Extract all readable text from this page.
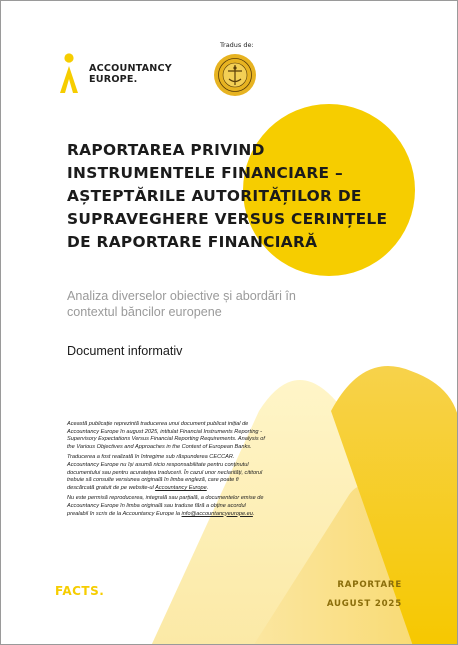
ACCOUNTANCY
EUROPE.
Tradus de:
RAPORTAREA PRIVIND
INSTRUMENTELE FINANCIARE –
AȘTEPTĂRILE AUTORITĂȚILOR DE
SUPRAVEGHERE VERSUS CERINȚELE
DE RAPORTARE FINANCIARĂ
Analiza diverselor obiective și abordări în contextul băncilor europene
Document informativ

Această publicație reprezintă traducerea unui document publicat inițial de Accountancy Europe în august 2025, intitulat Financial Instruments Reporting - Supervisory Expectations Versus Financial Reporting Requirements. Analysis of the Various Objectives and Approaches in the Context of European Banks.

Traducerea a fost realizată în întregime sub răspunderea CECCAR. Accountancy Europe nu își asumă nicio responsabilitate pentru conținutul documentului sau pentru acuratețea traducerii. În cazul unor neclarități, cititorul trebuie să consulte versiunea originală în limba engleză, care poate fi descărcată gratuit de pe website-ul Accountancy Europe.

Nu este permisă reproducerea, integrală sau parțială, a documentelor emise de Accountancy Europe în limba originală sau traduse fără a obține acordul prealabil în scris de la Accountancy Europe la info@accountancyeurope.eu.

FACTS.	RAPORTARE
AUGUST 2025
